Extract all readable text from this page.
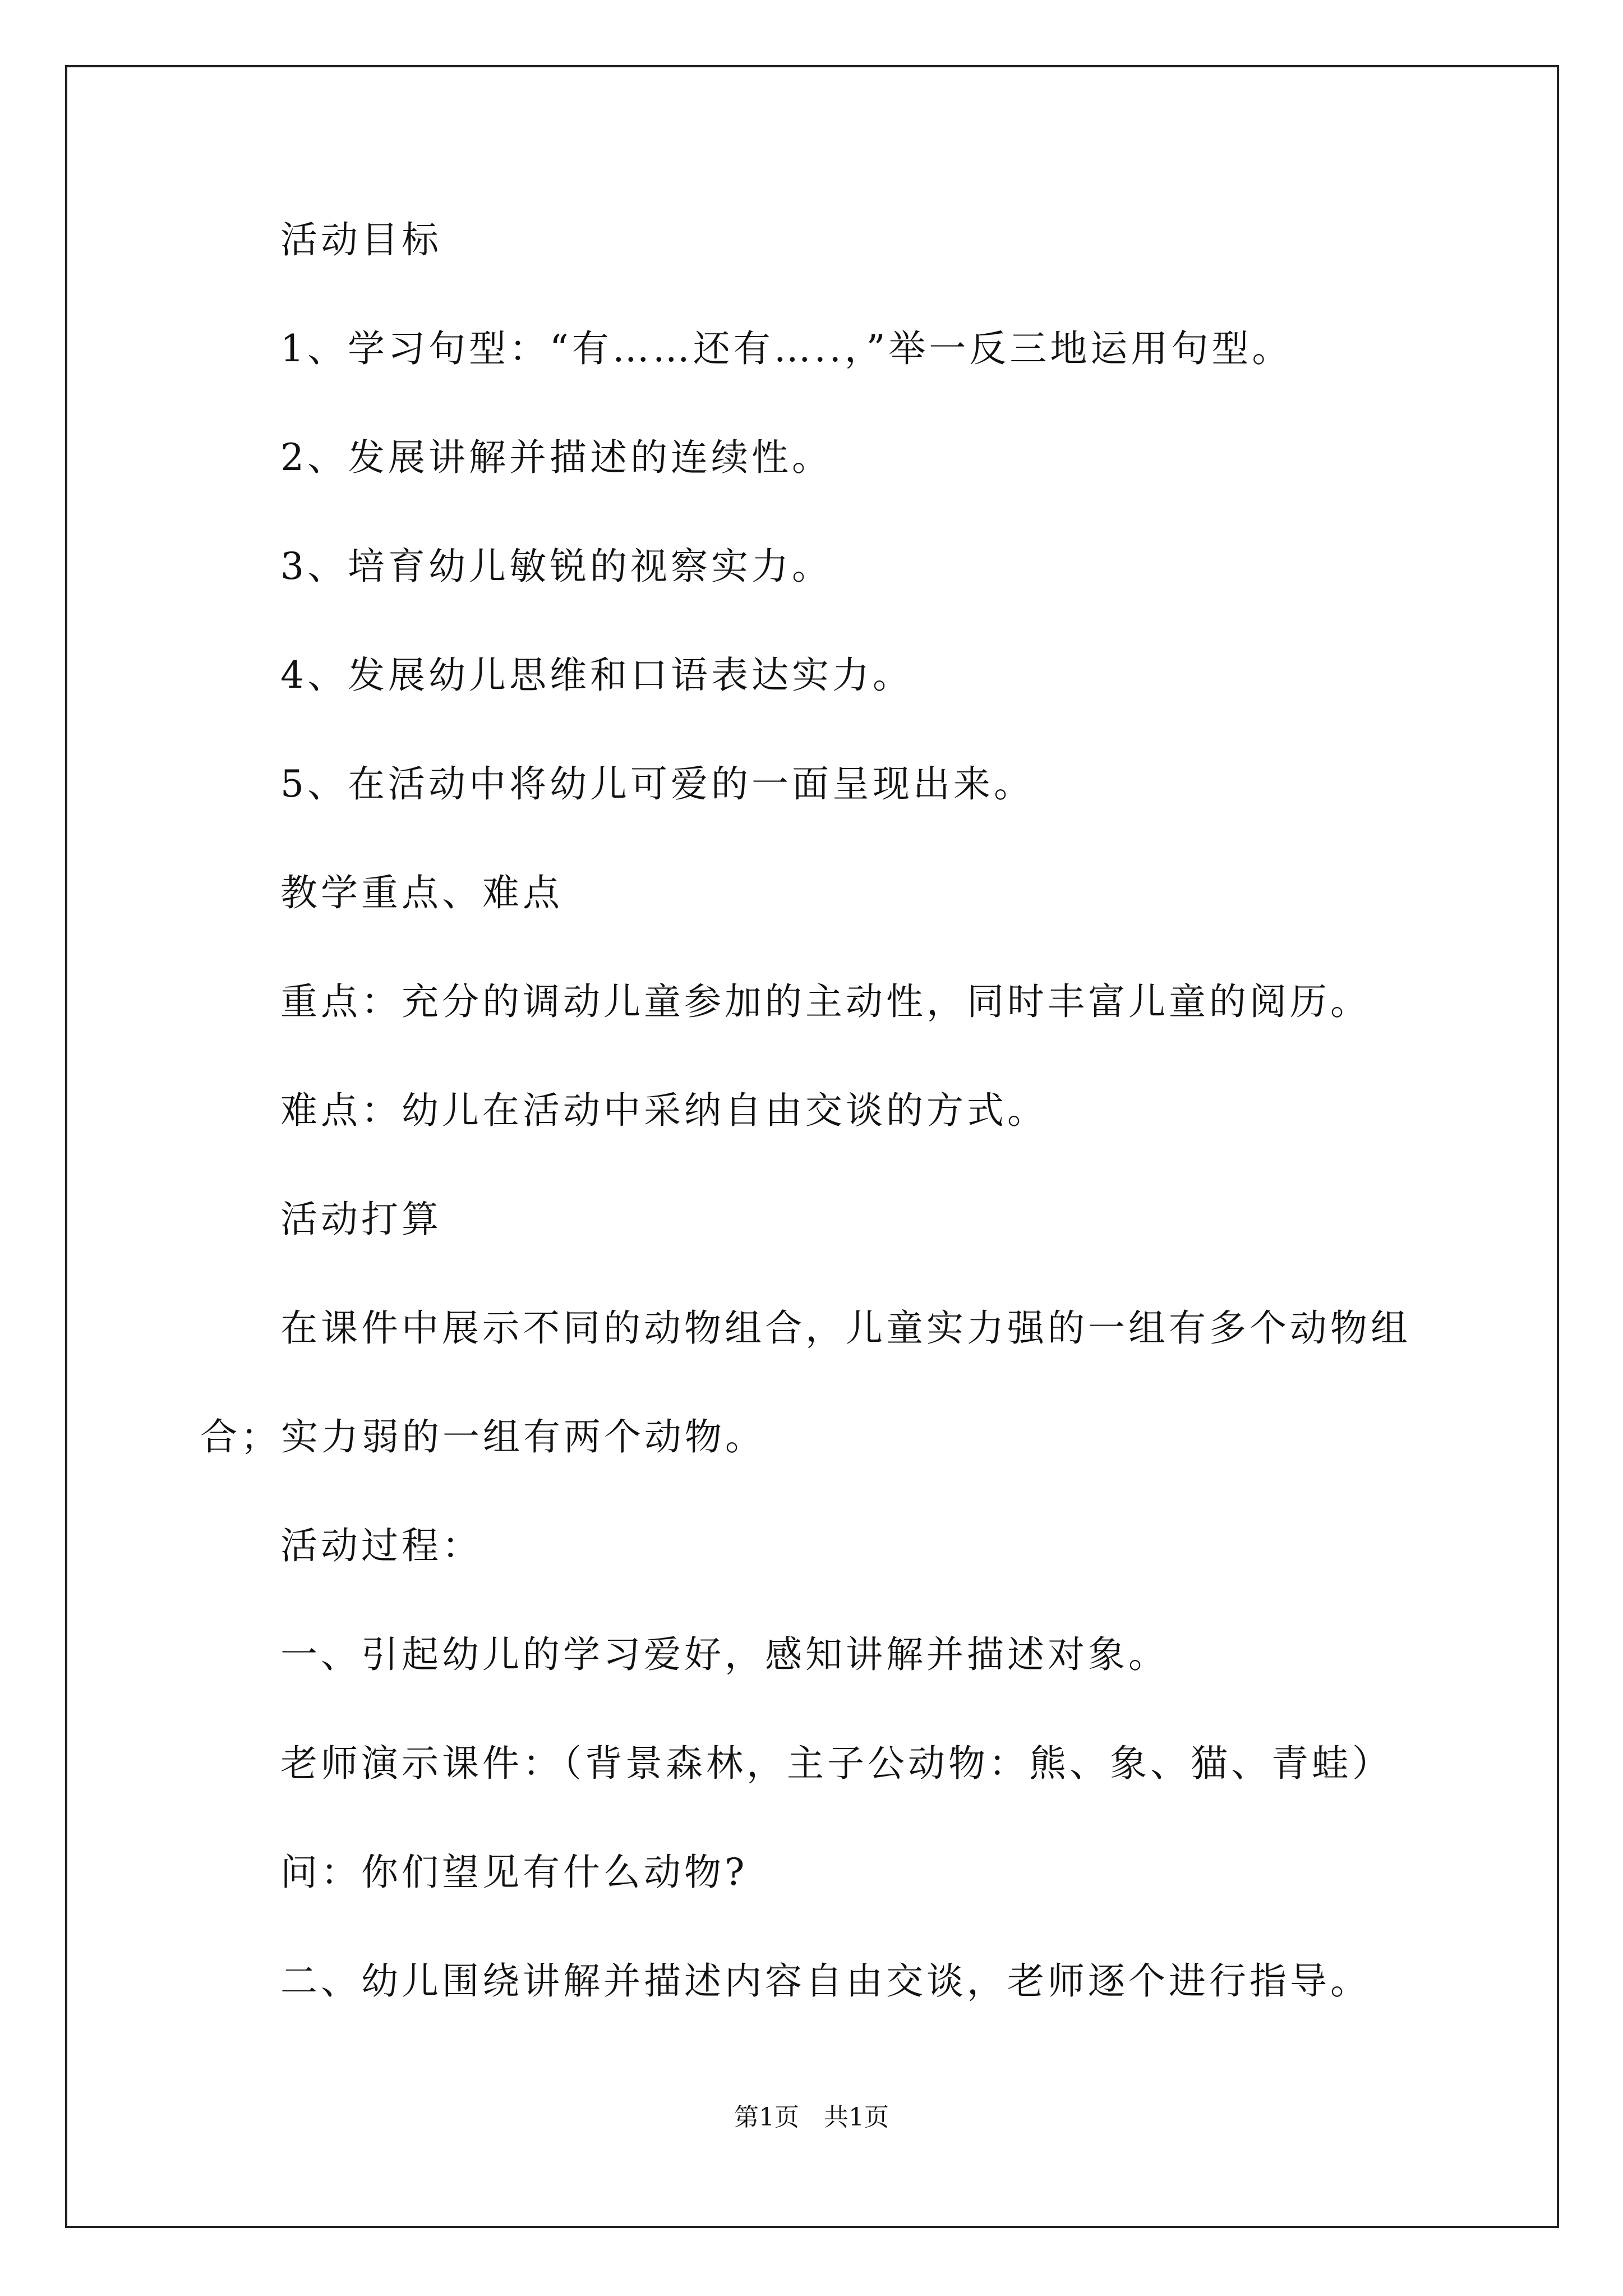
活动目标
1、学习句型：“有……还有…..，”举一反三地运用句型。
2、发展讲解并描述的连续性。
3、培育幼儿敏锐的视察实力。
4、发展幼儿思维和口语表达实力。
5、在活动中将幼儿可爱的一面呈现出来。
教学重点、难点
重点：充分的调动儿童参加的主动性，同时丰富儿童的阅历。
难点：幼儿在活动中采纳自由交谈的方式。
活动打算
在课件中展示不同的动物组合，儿童实力强的一组有多个动物组
合；实力弱的一组有两个动物。
活动过程：
一、引起幼儿的学习爱好，感知讲解并描述对象。
老师演示课件：（背景森林，主子公动物：熊、象、猫、青蛙）
问：你们望见有什么动物?
二、幼儿围绕讲解并描述内容自由交谈，老师逐个进行指导。
第1页　共1页
